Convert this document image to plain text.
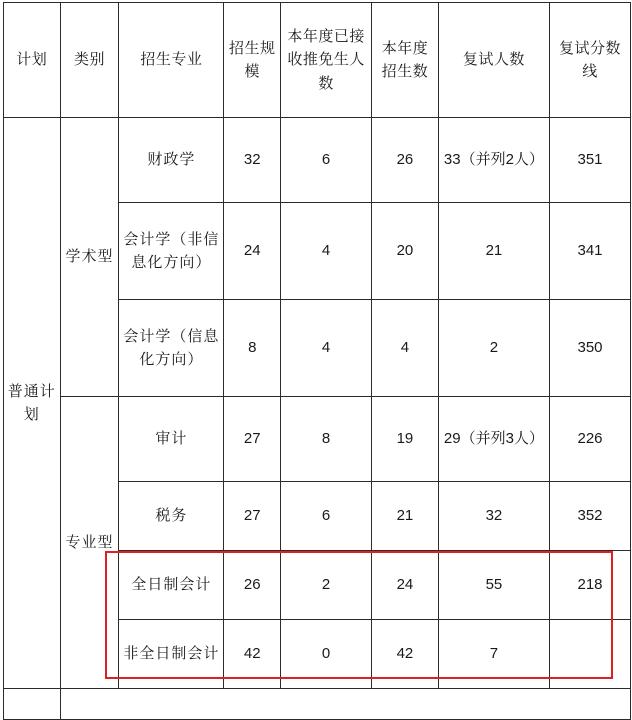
计划	类别	招生专业	招生规模	本年度已接收推免生人数	本年度招生数	复试人数	复试分数线
普通计划	学术型	财政学	32	6	26	33（并列2人）	351
		会计学（非信息化方向）	24	4	20	21	341
		会计学（信息化方向）	8	4	4	2	350
	专业型	审计	27	8	19	29（并列3人）	226
		税务	27	6	21	32	352
		全日制会计	26	2	24	55	218
		非全日制会计	42	0	42	7	
